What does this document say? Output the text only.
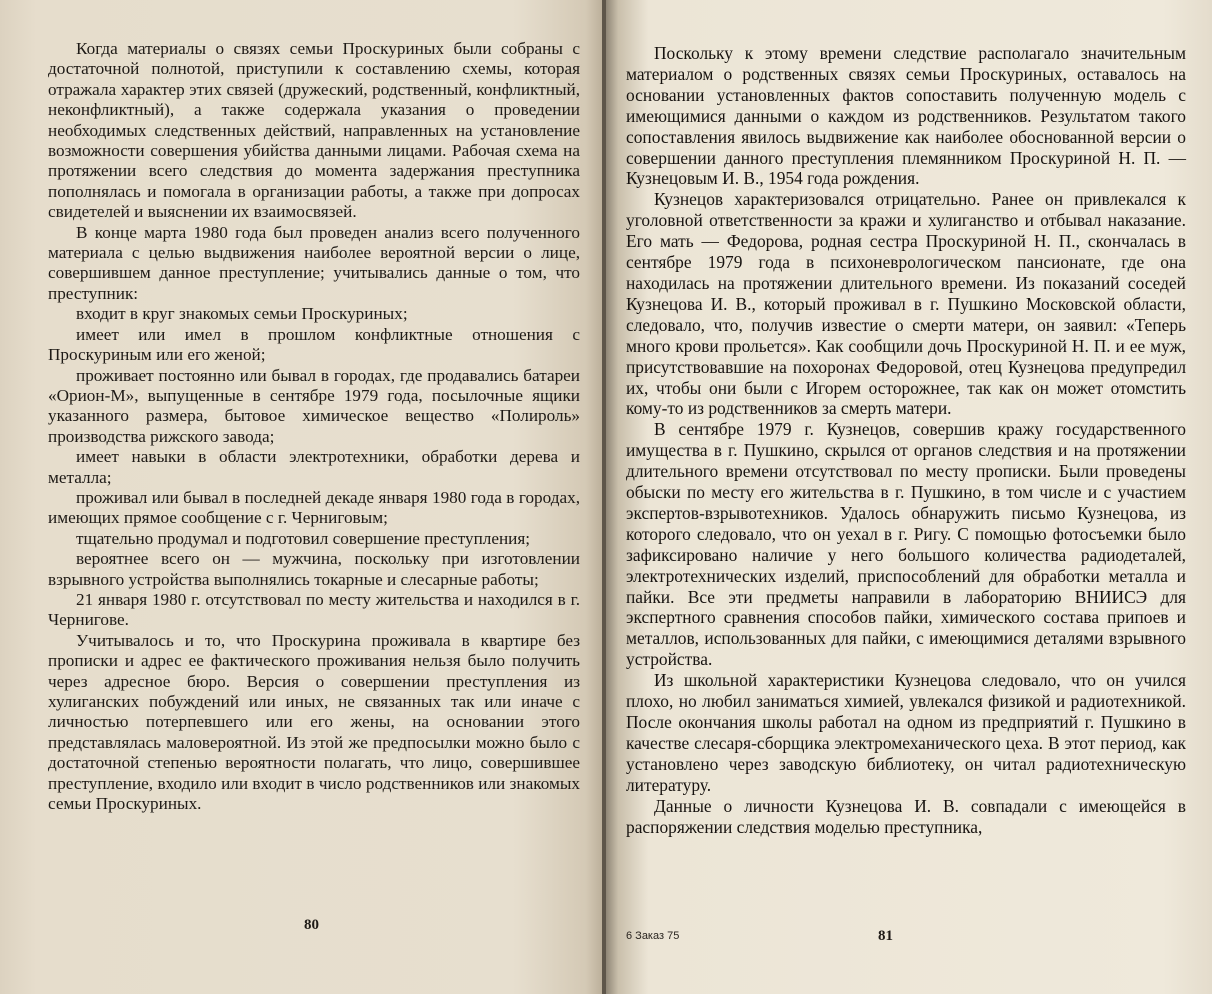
Когда материалы о связях семьи Проскуриных были собраны с достаточной полнотой, приступили к составлению схемы, которая отражала характер этих связей (дружеский, родственный, конфликтный, неконфликтный), а также содержала указания о проведении необходимых следственных действий, направленных на установление возможности совершения убийства данными лицами. Рабочая схема на протяжении всего следствия до момента задержания преступника пополнялась и помогала в организации работы, а также при допросах свидетелей и выяснении их взаимосвязей.

В конце марта 1980 года был проведен анализ всего полученного материала с целью выдвижения наиболее вероятной версии о лице, совершившем данное преступление; учитывались данные о том, что преступник:

входит в круг знакомых семьи Проскуриных;

имеет или имел в прошлом конфликтные отношения с Проскуриным или его женой;

проживает постоянно или бывал в городах, где продавались батареи «Орион-М», выпущенные в сентябре 1979 года, посылочные ящики указанного размера, бытовое химическое вещество «Полироль» производства рижского завода;

имеет навыки в области электротехники, обработки дерева и металла;

проживал или бывал в последней декаде января 1980 года в городах, имеющих прямое сообщение с г. Черниговым;

тщательно продумал и подготовил совершение преступления;

вероятнее всего он — мужчина, поскольку при изготовлении взрывного устройства выполнялись токарные и слесарные работы;

21 января 1980 г. отсутствовал по месту жительства и находился в г. Чернигове.

Учитывалось и то, что Проскурина проживала в квартире без прописки и адрес ее фактического проживания нельзя было получить через адресное бюро. Версия о совершении преступления из хулиганских побуждений или иных, не связанных так или иначе с личностью потерпевшего или его жены, на основании этого представлялась маловероятной. Из этой же предпосылки можно было с достаточной степенью вероятности полагать, что лицо, совершившее преступление, входило или входит в число родственников или знакомых семьи Проскуриных.

80

Поскольку к этому времени следствие располагало значительным материалом о родственных связях семьи Проскуриных, оставалось на основании установленных фактов сопоставить полученную модель с имеющимися данными о каждом из родственников. Результатом такого сопоставления явилось выдвижение как наиболее обоснованной версии о совершении данного преступления племянником Проскуриной Н. П. — Кузнецовым И. В., 1954 года рождения.

Кузнецов характеризовался отрицательно. Ранее он привлекался к уголовной ответственности за кражи и хулиганство и отбывал наказание. Его мать — Федорова, родная сестра Проскуриной Н. П., скончалась в сентябре 1979 года в психоневрологическом пансионате, где она находилась на протяжении длительного времени. Из показаний соседей Кузнецова И. В., который проживал в г. Пушкино Московской области, следовало, что, получив известие о смерти матери, он заявил: «Теперь много крови прольется». Как сообщили дочь Проскуриной Н. П. и ее муж, присутствовавшие на похоронах Федоровой, отец Кузнецова предупредил их, чтобы они были с Игорем осторожнее, так как он может отомстить кому-то из родственников за смерть матери.

В сентябре 1979 г. Кузнецов, совершив кражу государственного имущества в г. Пушкино, скрылся от органов следствия и на протяжении длительного времени отсутствовал по месту прописки. Были проведены обыски по месту его жительства в г. Пушкино, в том числе и с участием экспертов-взрывотехников. Удалось обнаружить письмо Кузнецова, из которого следовало, что он уехал в г. Ригу. С помощью фотосъемки было зафиксировано наличие у него большого количества радиодеталей, электротехнических изделий, приспособлений для обработки металла и пайки. Все эти предметы направили в лабораторию ВНИИСЭ для экспертного сравнения способов пайки, химического состава припоев и металлов, использованных для пайки, с имеющимися деталями взрывного устройства.

Из школьной характеристики Кузнецова следовало, что он учился плохо, но любил заниматься химией, увлекался физикой и радиотехникой. После окончания школы работал на одном из предприятий г. Пушкино в качестве слесаря-сборщика электромеханического цеха. В этот период, как установлено через заводскую библиотеку, он читал радиотехническую литературу.

Данные о личности Кузнецова И. В. совпадали с имеющейся в распоряжении следствия моделью преступника,

6 Заказ 75	81
